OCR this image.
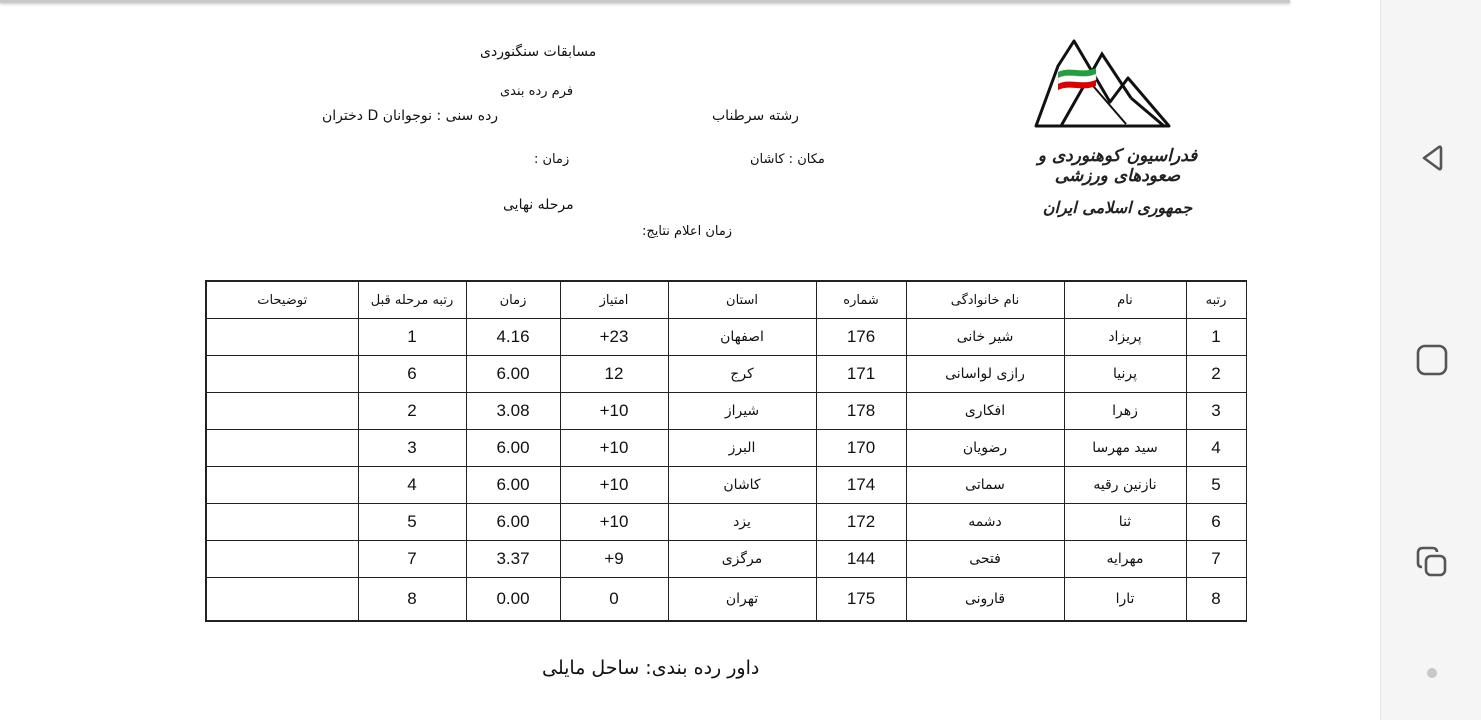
مسابقات سنگنوردی
فرم رده بندی
رشته سرطناب
رده سنی : نوجوانان D دختران
مکان : کاشان
زمان :
مرحله نهایی
زمان اعلام نتایج:
فدراسیون کوهنوردی و صعودهای ورزشی
جمهوری اسلامی ایران
رتبه	نام	نام خانوادگی	شماره	استان	امتیاز	زمان	رتبه مرحله قبل	توضیحات
1	پریزاد	شیر خانی	176	اصفهان	23+	4.16	1	
2	پرنیا	رازی لواسانی	171	کرج	12	6.00	6	
3	زهرا	افکاری	178	شیراز	10+	3.08	2	
4	سید مهرسا	رضویان	170	البرز	10+	6.00	3	
5	نازنین رقیه	سماتی	174	کاشان	10+	6.00	4	
6	ثنا	دشمه	172	یزد	10+	6.00	5	
7	مهرایه	فتحی	144	مرگزی	9+	3.37	7	
8	تارا	قارونی	175	تهران	0	0.00	8	
داور رده بندی: ساحل مایلی
